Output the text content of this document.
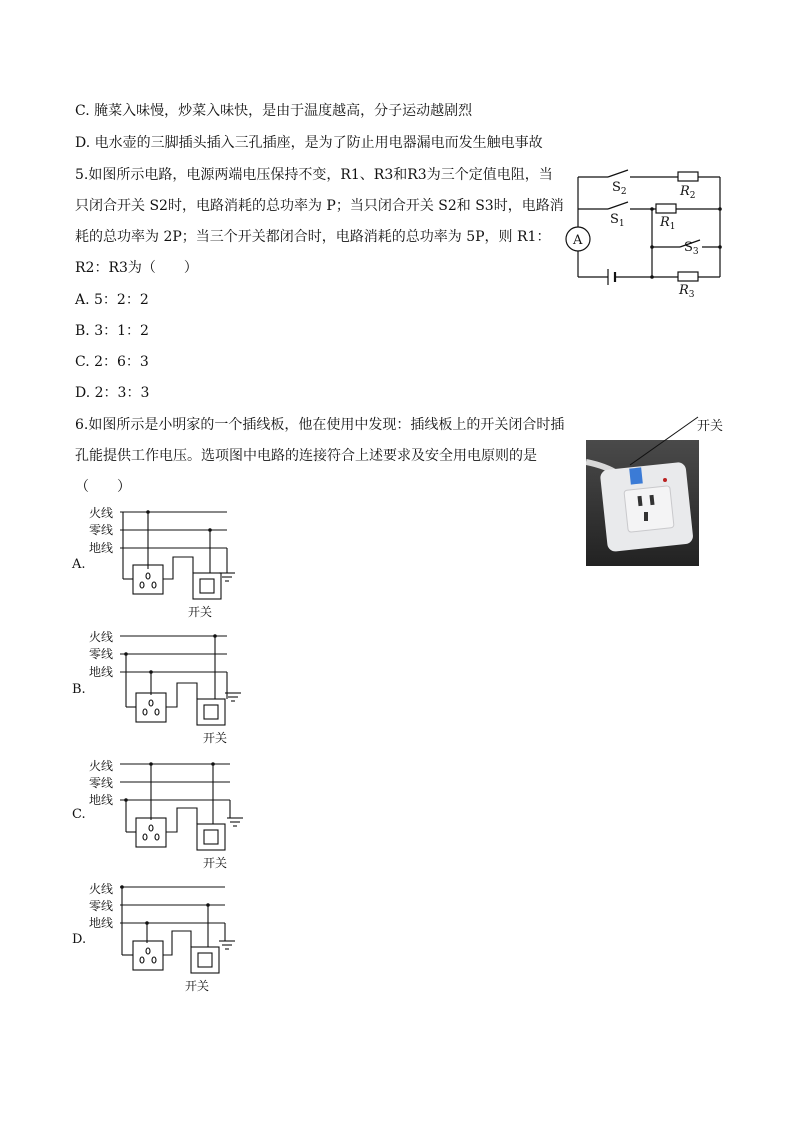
C. 腌菜入味慢，炒菜入味快，是由于温度越高，分子运动越剧烈
D. 电水壶的三脚插头插入三孔插座，是为了防止用电器漏电而发生触电事故
5.如图所示电路，电源两端电压保持不变，R1、R3和R3为三个定值电阻，当
只闭合开关 S2时，电路消耗的总功率为 P；当只闭合开关 S2和 S3时，电路消
耗的总功率为 2P；当三个开关都闭合时，电路消耗的总功率为 5P，则 R1：
R2：R3为（　　）
A. 5：2：2
B. 3：1：2
C. 2：6：3
D. 2：3：3
A
$S_2$	$R_2$
$S_1$	$R_1$
$S_3$
$R_3$
6.如图所示是小明家的一个插线板，他在使用中发现：插线板上的开关闭合时插
孔能提供工作电压。选项图中电路的连接符合上述要求及安全用电原则的是
（　　）
开关
A.
火线
零线
地线
开关
B.
火线
零线
地线
开关
C.
火线
零线
地线
开关
D.
火线
零线
地线
开关
